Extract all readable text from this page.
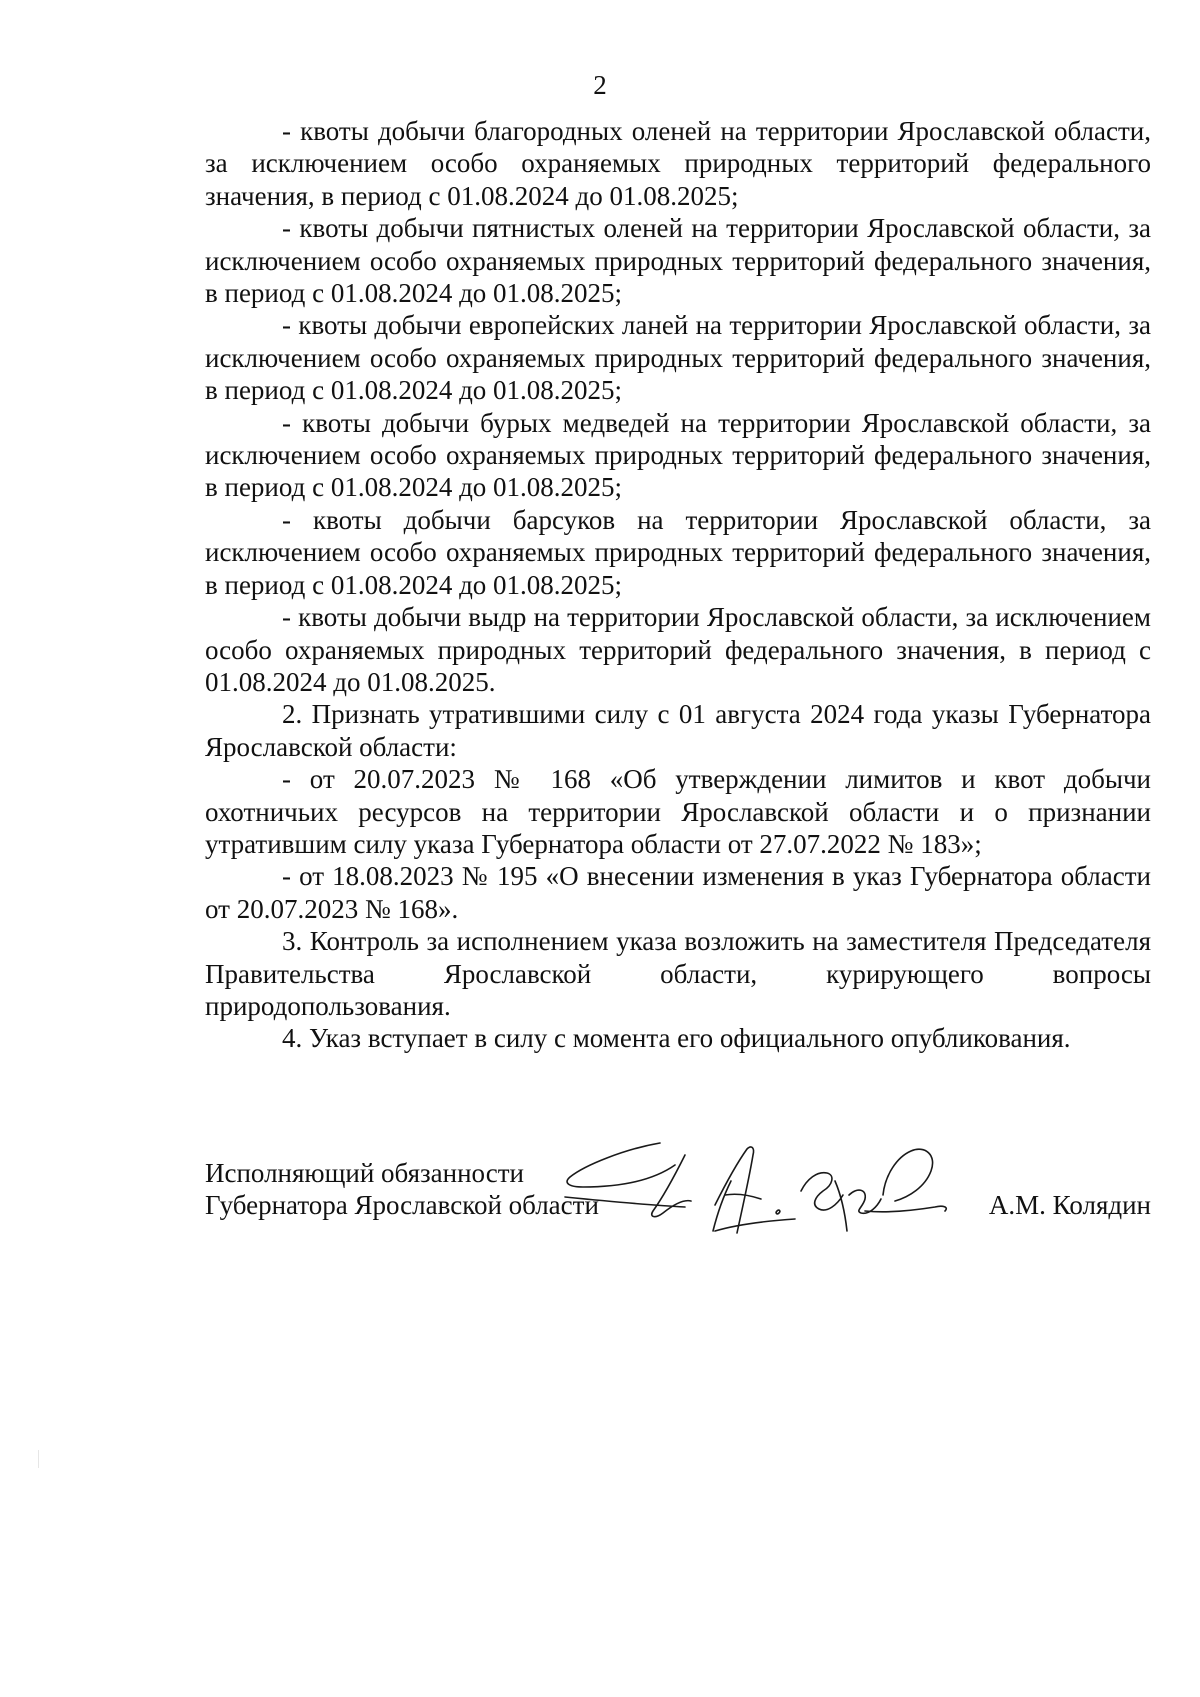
2

- квоты добычи благородных оленей на территории Ярославской области, за исключением особо охраняемых природных территорий федерального значения, в период с 01.08.2024 до 01.08.2025;

- квоты добычи пятнистых оленей на территории Ярославской области, за исключением особо охраняемых природных территорий федерального значения, в период с 01.08.2024 до 01.08.2025;

- квоты добычи европейских ланей на территории Ярославской области, за исключением особо охраняемых природных территорий федерального значения, в период с 01.08.2024 до 01.08.2025;

- квоты добычи бурых медведей на территории Ярославской области, за исключением особо охраняемых природных территорий федерального значения, в период с 01.08.2024 до 01.08.2025;

- квоты добычи барсуков на территории Ярославской области, за исключением особо охраняемых природных территорий федерального значения, в период с 01.08.2024 до 01.08.2025;

- квоты добычи выдр на территории Ярославской области, за исключением особо охраняемых природных территорий федерального значения, в период с 01.08.2024 до 01.08.2025.

2. Признать утратившими силу с 01 августа 2024 года указы Губернатора Ярославской области:

- от 20.07.2023 № 168 «Об утверждении лимитов и квот добычи охотничьих ресурсов на территории Ярославской области и о признании утратившим силу указа Губернатора области от 27.07.2022 № 183»;

- от 18.08.2023 № 195 «О внесении изменения в указ Губернатора области от 20.07.2023 № 168».

3. Контроль за исполнением указа возложить на заместителя Председателя Правительства Ярославской области, курирующего вопросы природопользования.

4. Указ вступает в силу с момента его официального опубликования.

Исполняющий обязанности
Губернатора Ярославской области	А.М. Колядин
